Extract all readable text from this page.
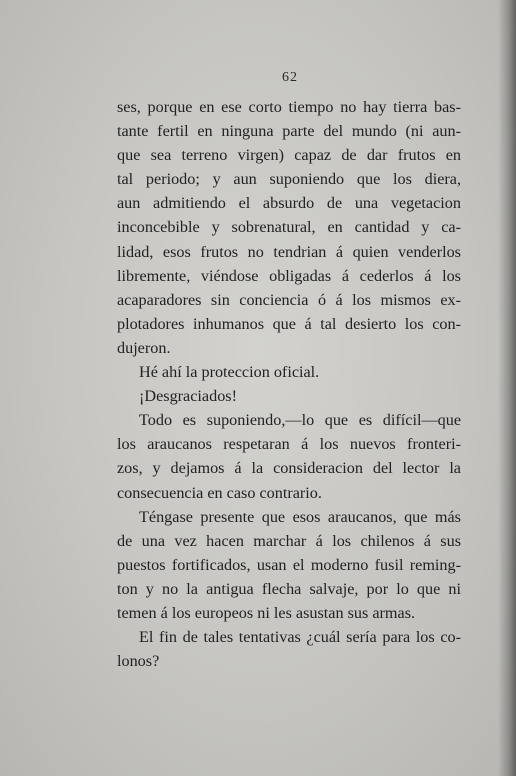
62
ses, porque en ese corto tiempo no hay tierra bas-
tante fertil en ninguna parte del mundo (ni aun-
que sea terreno virgen) capaz de dar frutos en
tal periodo; y aun suponiendo que los diera,
aun admitiendo el absurdo de una vegetacion
inconcebible y sobrenatural, en cantidad y ca-
lidad, esos frutos no tendrian á quien venderlos
libremente, viéndose obligadas á cederlos á los
acaparadores sin conciencia ó á los mismos ex-
plotadores inhumanos que á tal desierto los con-
dujeron.
Hé ahí la proteccion oficial.
¡Desgraciados!
Todo es suponiendo,—lo que es difícil—que
los araucanos respetaran á los nuevos fronteri-
zos, y dejamos á la consideracion del lector la
consecuencia en caso contrario.
Téngase presente que esos araucanos, que más
de una vez hacen marchar á los chilenos á sus
puestos fortificados, usan el moderno fusil reming-
ton y no la antigua flecha salvaje, por lo que ni
temen á los europeos ni les asustan sus armas.
El fin de tales tentativas ¿cuál sería para los co-
lonos?
